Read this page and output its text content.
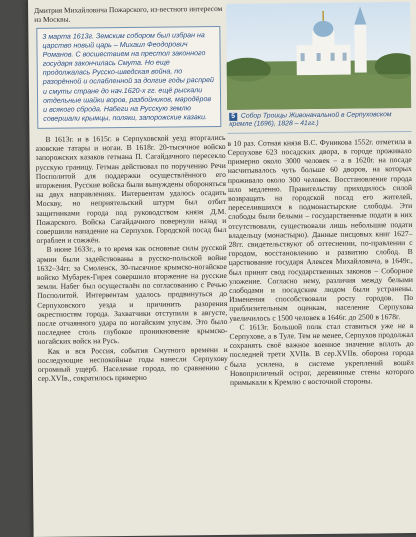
Дмитрия Михайловича Пожарского, из-вестного интересом из Москвы.
3 марта 1613г. Земским собором был избран на царство новый царь – Михаил Феодорович Романов. С восшествием на престол законного государя закончилась Смута. Но еще продолжалась Русско-шведская война, по разорённой и ослабленной за долгие годы распрей и смуты стране до нач.1620-х гг. ещё рыскали отдельные шайки воров, разбойников, мародёров и всякого сброда. Набеги на Русскую землю совершали крымцы, поляки, запорожские казаки.

В 1613г. и в 1615г. в Серпуховской уезд вторгались азовские татары и ногаи. В 1618г. 20-тысячное войско запорожских казаков гетмана П. Сагайдачного пересекло русскую границу. Гетман действовал по поручению Речи Посполитой для поддержки осуществлённого его вторжения. Русские войска были вынуждены обороняться на двух направлениях. Интервентам удалось осадить Москву, но неприятельский штурм был отбит защитниками города под руководством князя Д.М. Пожарского. Войска Сагайдачного повернули назад и совершили нападение на Серпухов. Городской посад был ограблен и сожжён.

В июне 1633г., в то время как основные силы русской армии были задействованы в русско-польской войне 1632–34гг. за Смоленск, 30-тысячное крымско-ногайское войско Мубарек-Гирея совершило вторжение на русские земли. Набег был осуществлён по согласованию с Речью Посполитой. Интервентам удалось продвинуться до Серпуховского уезда и причинить разорения окрестностям города. Захватчики отступили в августе, после отчаянного удара по ногайским улусам. Это было последнее столь глубокое проникновение крымско-ногайских войск на Русь.

Как и вся Россия, события Смутного времени и последующие неспокойные годы нанесли Серпухову огромный ущерб. Население города, по сравнению с сер.XVIв., сократилось примерно

5 Собор Троицы Живоначальной в Серпуховском кремле (1696), 1828 – 41гг.)

в 10 раз. Сотная князя В.С. Фуникова 1552г. отметила в Серпухове 623 посадских двора, в городе проживало примерно около 3000 человек – а в 1620г. на посаде насчитывалось чуть больше 60 дворов, на которых проживало около 300 человек. Восстановление города шло медленно. Правительству приходилось силой возвращать на городской посад его жителей, переселившихся в подмонастырские слободы. Эти слободы были белыми – государственные подати в них отсутствовали, существовали лишь небольшие подати владельцу (монастырю). Данные писцовых книг 1627–28гг. свидетельствуют об оттеснении, по-правлении с городом, восстановлению и развитию слобод. В царствование государя Алексея Михайловича, в 1649г., был принят свод государственных законов – Соборное уложение. Согласно нему, различия между белыми слободами и посадским людом были устранены. Изменения способствовали росту городов. По приблизительным оценкам, население Серпухова увеличилось с 1500 человек в 1646г. до 2500 в 1678г.

С 1613г. Большой полк стал ставиться уже не в Серпухове, а в Туле. Тем не менее, Серпухов продолжал сохранять своё важное военное значение вплоть до последней трети XVIIв. В сер.XVIIв. оборона города была усилена, в системе укреплений вошёл Новоприличный острог, деревянные стены которого примыкали к Кремлю с восточной стороны.
